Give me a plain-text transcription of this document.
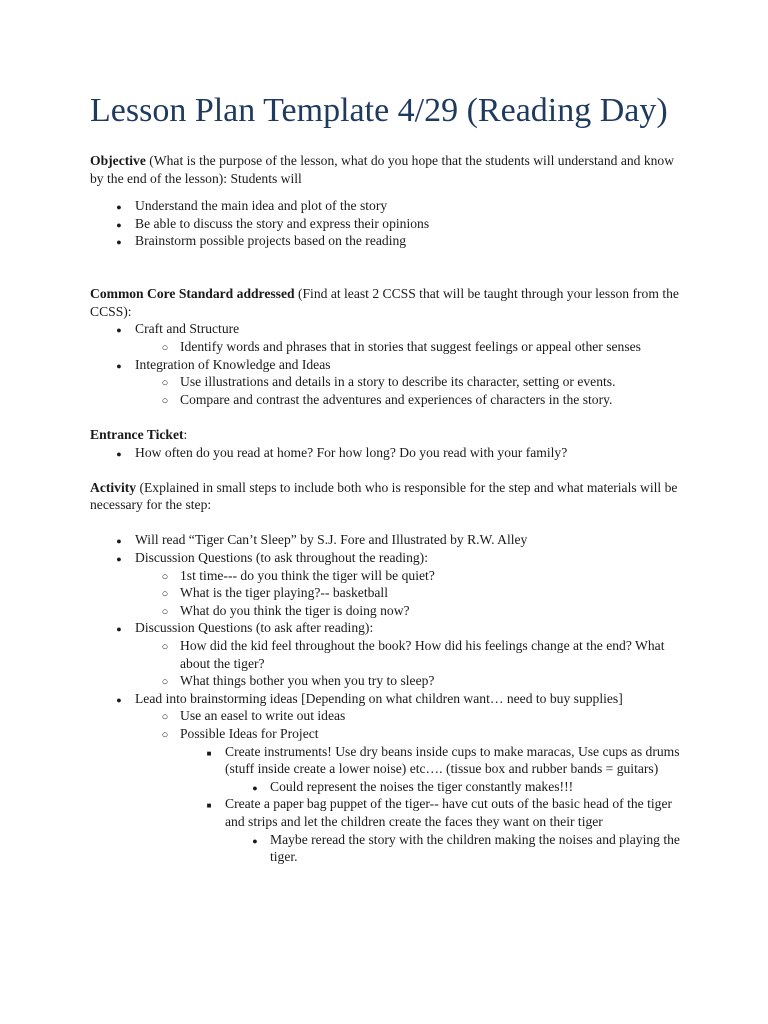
Lesson Plan Template 4/29 (Reading Day)

Objective (What is the purpose of the lesson, what do you hope that the students will understand and know by the end of the lesson): Students will

●
Understand the main idea and plot of the story
●
Be able to discuss the story and express their opinions
●
Brainstorm possible projects based on the reading

Common Core Standard addressed (Find at least 2 CCSS that will be taught through your lesson from the CCSS):

●
Craft and Structure
○
Identify words and phrases that in stories that suggest feelings or appeal other senses
●
Integration of Knowledge and Ideas
○
Use illustrations and details in a story to describe its character, setting or events.
○
Compare and contrast the adventures and experiences of characters in the story.

Entrance Ticket:

●
How often do you read at home? For how long? Do you read with your family?

Activity (Explained in small steps to include both who is responsible for the step and what materials will be necessary for the step:

●
Will read “Tiger Can’t Sleep” by S.J. Fore and Illustrated by R.W. Alley
●
Discussion Questions (to ask throughout the reading):
○
1st time--- do you think the tiger will be quiet?
○
What is the tiger playing?-- basketball
○
What do you think the tiger is doing now?
●
Discussion Questions (to ask after reading):
○
How did the kid feel throughout the book? How did his feelings change at the end? What about the tiger?
○
What things bother you when you try to sleep?
●
Lead into brainstorming ideas [Depending on what children want… need to buy supplies]
○
Use an easel to write out ideas
○
Possible Ideas for Project
■
Create instruments! Use dry beans inside cups to make maracas, Use cups as drums (stuff inside create a lower noise) etc…. (tissue box and rubber bands = guitars)
●
Could represent the noises the tiger constantly makes!!!
■
Create a paper bag puppet of the tiger-- have cut outs of the basic head of the tiger and strips and let the children create the faces they want on their tiger
●
Maybe reread the story with the children making the noises and playing the tiger.
